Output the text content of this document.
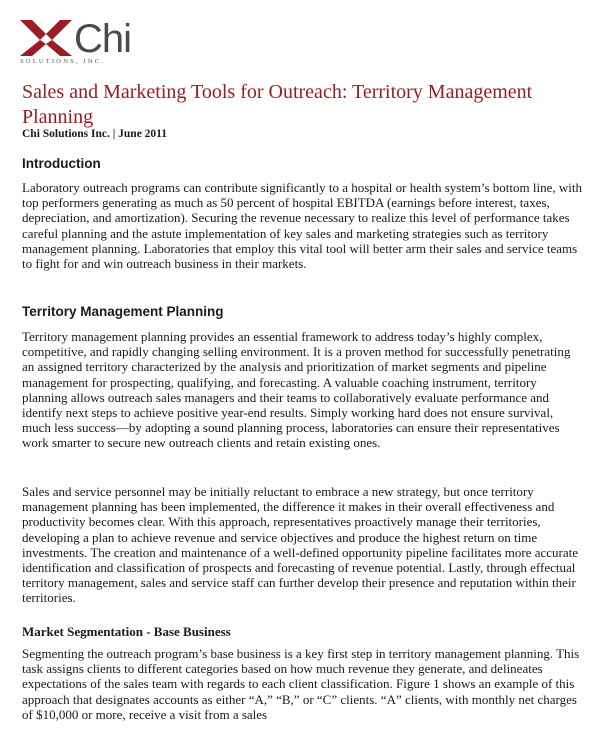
Chi
SOLUTIONS, INC.
Sales and Marketing Tools for Outreach: Territory Management Planning
Chi Solutions Inc. | June 2011
Introduction

Laboratory outreach programs can contribute significantly to a hospital or health system’s bottom line, with top performers generating as much as 50 percent of hospital EBITDA (earnings before interest, taxes, depreciation, and amortization). Securing the revenue necessary to realize this level of performance takes careful planning and the astute implementation of key sales and marketing strategies such as territory management planning. Laboratories that employ this vital tool will better arm their sales and service teams to fight for and win outreach business in their markets.

Territory Management Planning

Territory management planning provides an essential framework to address today’s highly complex, competitive, and rapidly changing selling environment. It is a proven method for successfully penetrating an assigned territory characterized by the analysis and prioritization of market segments and pipeline management for prospecting, qualifying, and forecasting. A valuable coaching instrument, territory planning allows outreach sales managers and their teams to collaboratively evaluate performance and identify next steps to achieve positive year-end results. Simply working hard does not ensure survival, much less success—by adopting a sound planning process, laboratories can ensure their representatives work smarter to secure new outreach clients and retain existing ones.

Sales and service personnel may be initially reluctant to embrace a new strategy, but once territory management planning has been implemented, the difference it makes in their overall effectiveness and productivity becomes clear. With this approach, representatives proactively manage their territories, developing a plan to achieve revenue and service objectives and produce the highest return on time investments. The creation and maintenance of a well-defined opportunity pipeline facilitates more accurate identification and classification of prospects and forecasting of revenue potential. Lastly, through effectual territory management, sales and service staff can further develop their presence and reputation within their territories.

Market Segmentation - Base Business

Segmenting the outreach program’s base business is a key first step in territory management planning. This task assigns clients to different categories based on how much revenue they generate, and delineates expectations of the sales team with regards to each client classification. Figure 1 shows an example of this approach that designates accounts as either “A,” “B,” or “C” clients. “A” clients, with monthly net charges of $10,000 or more, receive a visit from a sales
